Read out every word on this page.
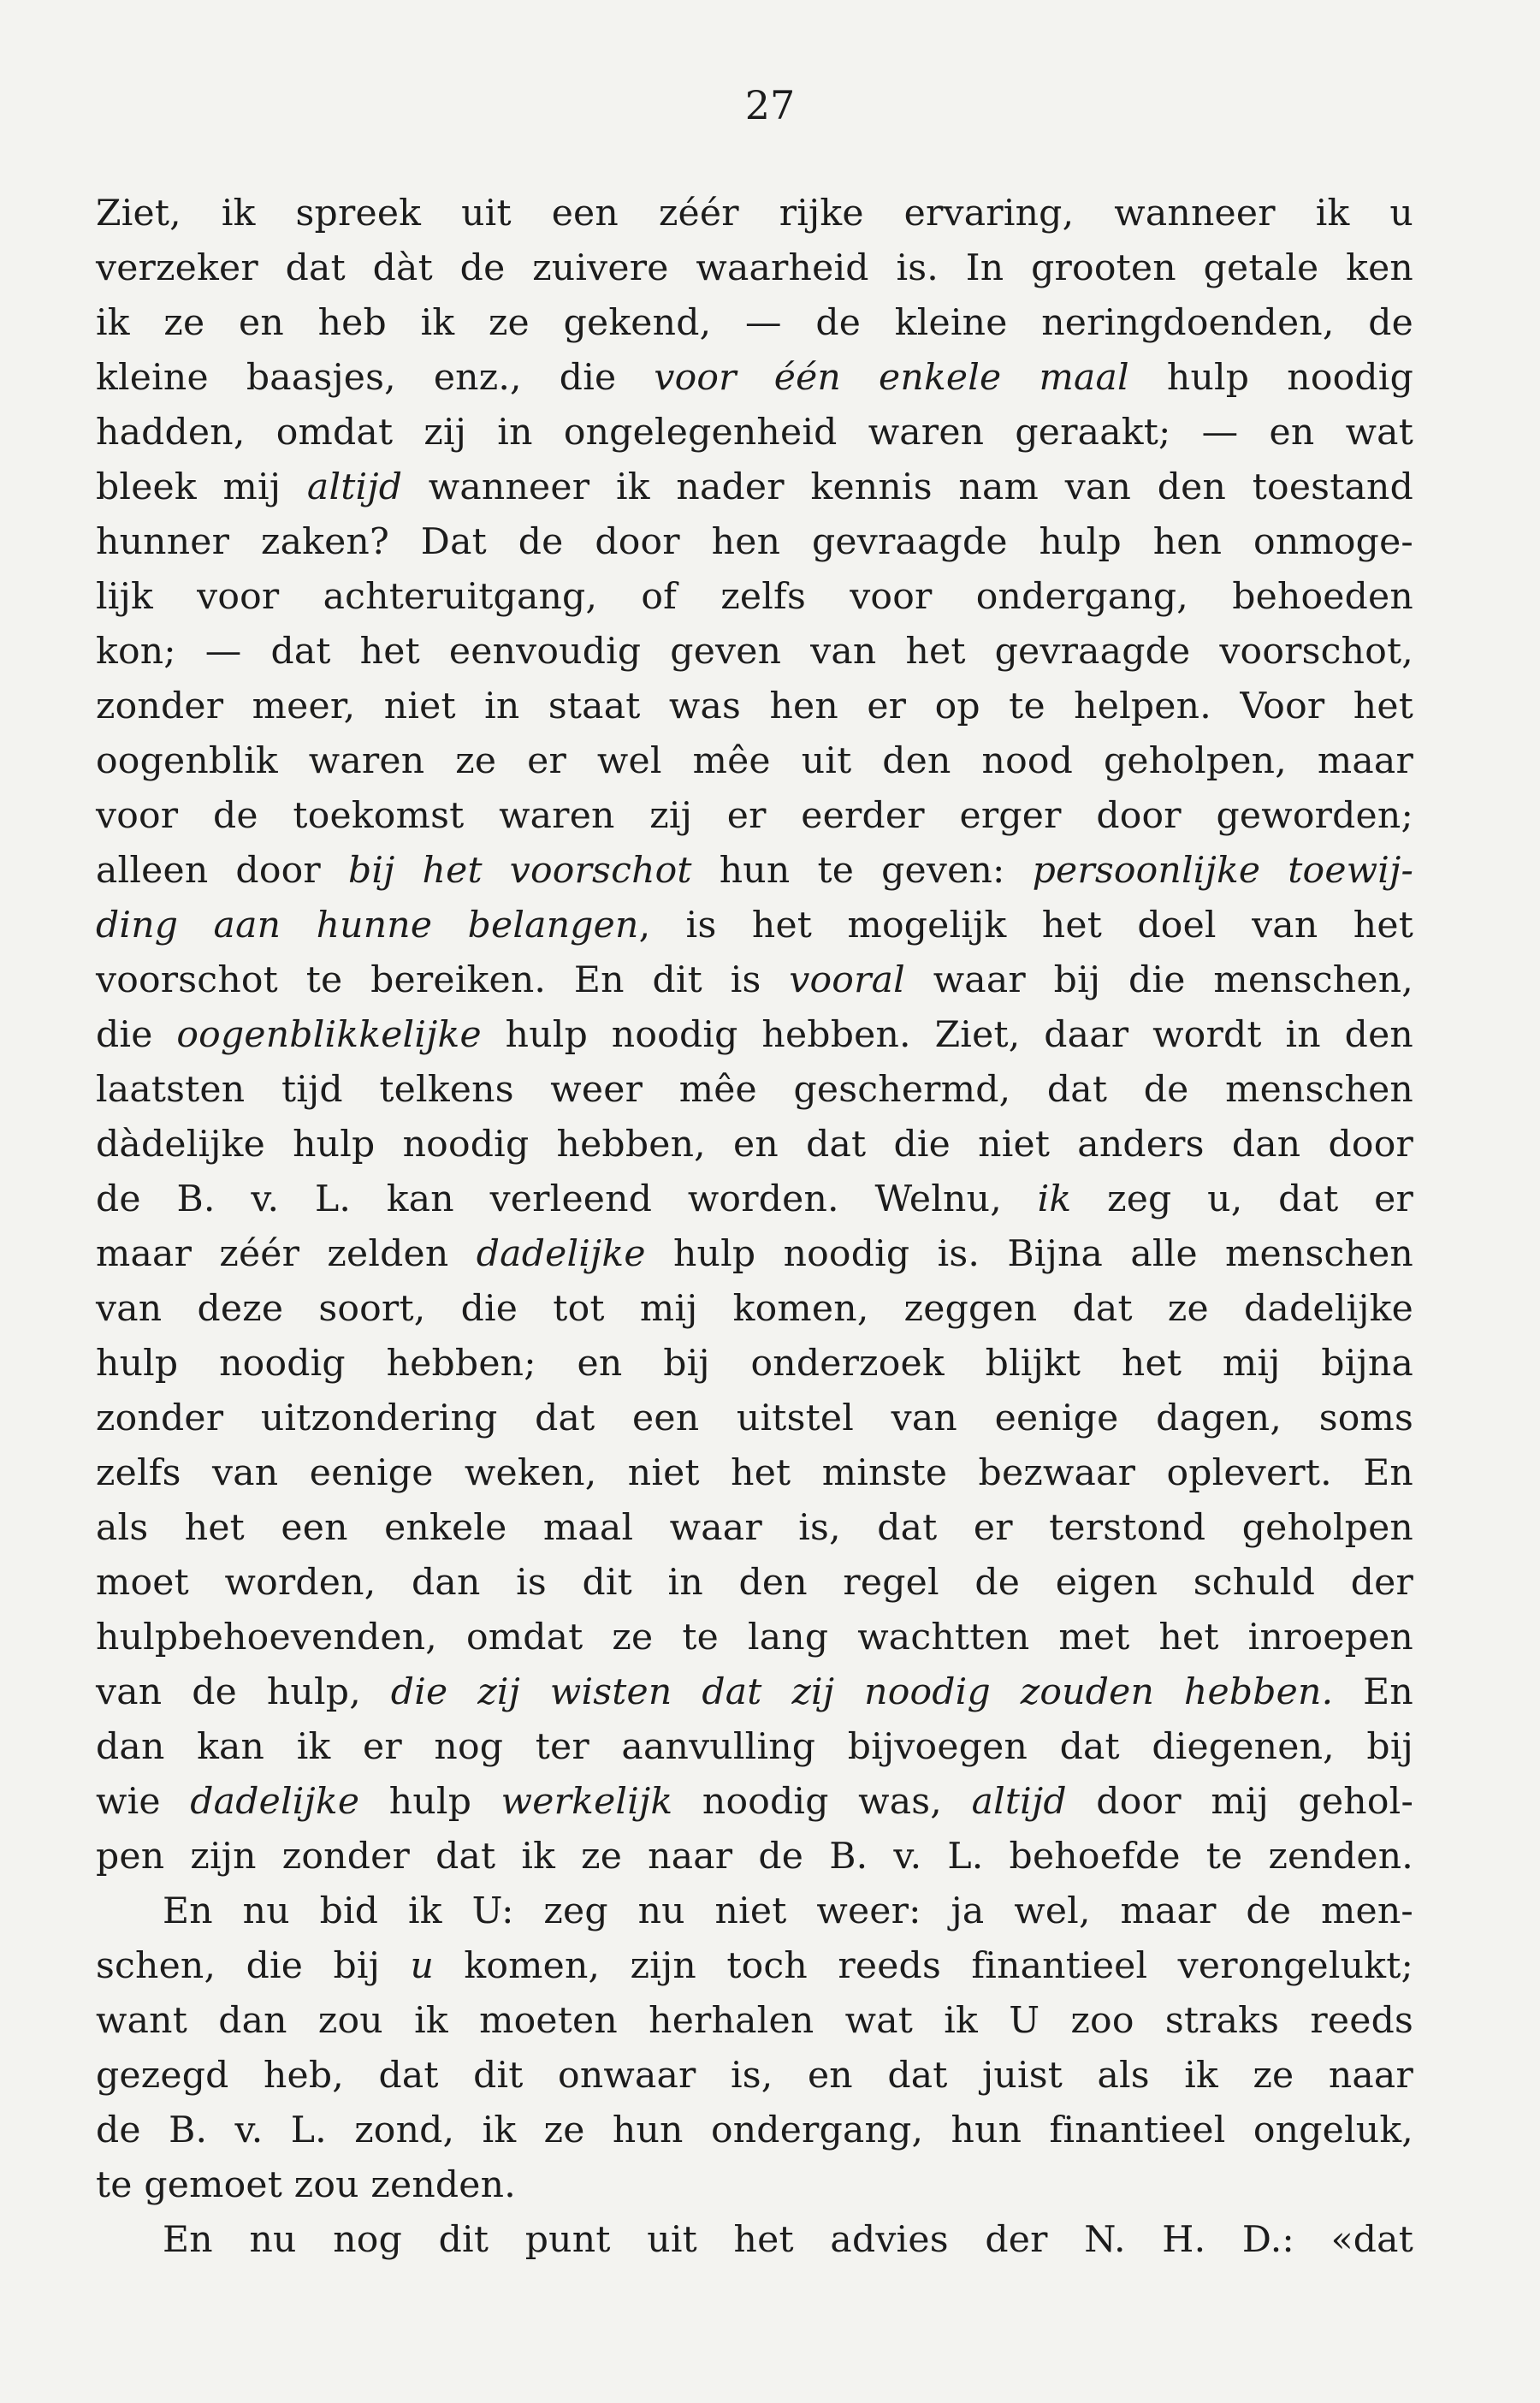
27
Ziet, ik spreek uit een zéér rijke ervaring, wanneer ik u
verzeker dat dàt de zuivere waarheid is. In grooten getale ken
ik ze en heb ik ze gekend, — de kleine neringdoenden, de
kleine baasjes, enz., die voor één enkele maal hulp noodig
hadden, omdat zij in ongelegenheid waren geraakt; — en wat
bleek mij altijd wanneer ik nader kennis nam van den toestand
hunner zaken? Dat de door hen gevraagde hulp hen onmoge-
lijk voor achteruitgang, of zelfs voor ondergang, behoeden
kon; — dat het eenvoudig geven van het gevraagde voorschot,
zonder meer, niet in staat was hen er op te helpen. Voor het
oogenblik waren ze er wel mêe uit den nood geholpen, maar
voor de toekomst waren zij er eerder erger door geworden;
alleen door bij het voorschot hun te geven: persoonlijke toewij-
ding aan hunne belangen, is het mogelijk het doel van het
voorschot te bereiken. En dit is vooral waar bij die menschen,
die oogenblikkelijke hulp noodig hebben. Ziet, daar wordt in den
laatsten tijd telkens weer mêe geschermd, dat de menschen
dàdelijke hulp noodig hebben, en dat die niet anders dan door
de B. v. L. kan verleend worden. Welnu, ik zeg u, dat er
maar zéér zelden dadelijke hulp noodig is. Bijna alle menschen
van deze soort, die tot mij komen, zeggen dat ze dadelijke
hulp noodig hebben; en bij onderzoek blijkt het mij bijna
zonder uitzondering dat een uitstel van eenige dagen, soms
zelfs van eenige weken, niet het minste bezwaar oplevert. En
als het een enkele maal waar is, dat er terstond geholpen
moet worden, dan is dit in den regel de eigen schuld der
hulpbehoevenden, omdat ze te lang wachtten met het inroepen
van de hulp, die zij wisten dat zij noodig zouden hebben. En
dan kan ik er nog ter aanvulling bijvoegen dat diegenen, bij
wie dadelijke hulp werkelijk noodig was, altijd door mij gehol-
pen zijn zonder dat ik ze naar de B. v. L. behoefde te zenden.
En nu bid ik U: zeg nu niet weer: ja wel, maar de men-
schen, die bij u komen, zijn toch reeds finantieel verongelukt;
want dan zou ik moeten herhalen wat ik U zoo straks reeds
gezegd heb, dat dit onwaar is, en dat juist als ik ze naar
de B. v. L. zond, ik ze hun ondergang, hun finantieel ongeluk,
te gemoet zou zenden.
En nu nog dit punt uit het advies der N. H. D.: «dat
